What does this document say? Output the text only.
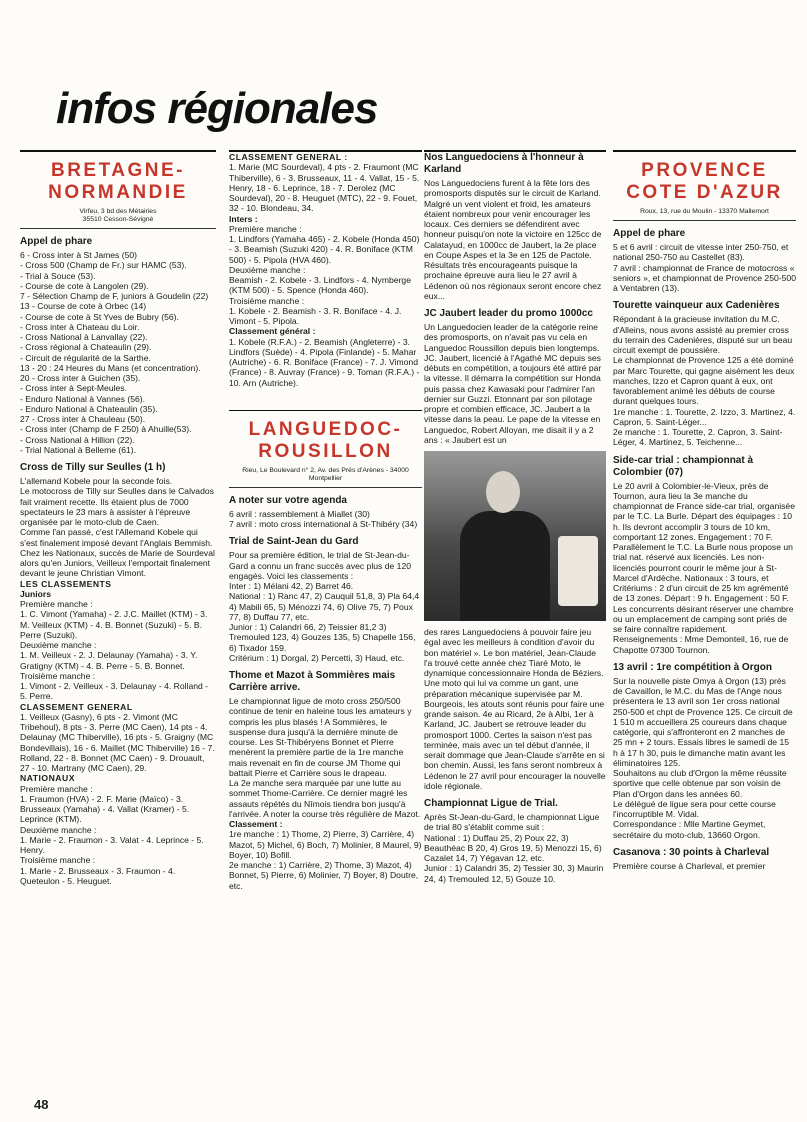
infos régionales
BRETAGNE-
NORMANDIE
Virfeu, 3 bd des Métairies
35510 Cesson-Sévigné
Appel de phare

6 - Cross inter à St James (50)

- Cross 500 (Champ de Fr.) sur HAMC (53).

- Trial à Souce (53).

- Course de cote à Langolen (29).

7 - Sélection Champ de F, juniors à Goudelin (22)

13 - Course de cote à Orbec (14)

- Course de cote à St Yves de Bubry (56).

- Cross inter à Chateau du Loir.

- Cross National à Lanvallay (22).

- Cross régional à Chateaulin (29).

- Circuit de régularité de la Sarthe.

13 - 20 : 24 Heures du Mans (et concentration).

20 - Cross inter à Guichen (35).

- Cross inter à Sept-Meules.

- Enduro National à Vannes (56).

- Enduro National à Chateaulin (35).

27 - Cross inter à Chauleau (50).

- Cross inter (Champ de F 250) à Ahuille(53).

- Cross National à Hillion (22).

- Trial National à Belleme (61).

Cross de Tilly sur Seulles (1 h)

L'allemand Kobele pour la seconde fois.

Le motocross de Tilly sur Seulles dans le Calvados fait vraiment recette. Ils étaient plus de 7000 spectateurs le 23 mars à assister à l'épreuve organisée par le moto-club de Caen.

Comme l'an passé, c'est l'Allemand Kobele qui s'est finalement imposé devant l'Anglais Bemmish.

Chez les Nationaux, succès de Marie de Sourdeval alors qu'en Juniors, Veilleux l'emportait finalement devant le jeune Christian Vimont.

LES CLASSEMENTS
Juniors

Première manche :

1. C. Vimont (Yamaha) - 2. J.C. Maillet (KTM) - 3. M. Veilleux (KTM) - 4. B. Bonnet (Suzuki) - 5. B. Perre (Suzuki).

Deuxième manche :

1. M. Veilleux - 2. J. Delaunay (Yamaha) - 3. Y. Gratigny (KTM) - 4. B. Perre - 5. B. Bonnet.

Troisième manche :

1. Vimont - 2. Veilleux - 3. Delaunay - 4. Rolland - 5. Perre.

CLASSEMENT GENERAL

1. Veilleux (Gasny), 6 pts - 2. Vimont (MC Tribehoul), 8 pts - 3. Perre (MC Caen), 14 pts - 4. Delaunay (MC Thiberville), 16 pts - 5. Graigny (MC Bondevillais), 16 - 6. Maillet (MC Thiberville) 16 - 7. Rolland, 22 - 8. Bonnet (MC Caen) - 9. Drouault, 27 - 10. Martrany (MC Caen), 29.

NATIONAUX

Première manche :

1. Fraumon (HVA) - 2. F. Marie (Maïco) - 3. Brusseaux (Yamaha) - 4. Vallat (Kramer) - 5. Leprince (KTM).

Deuxième manche :

1. Marie - 2. Fraumon - 3. Valat - 4. Leprince - 5. Henry.

Troisième manche :

1. Marie - 2. Brusseaux - 3. Fraumon - 4. Queteulon - 5. Heuguet.

CLASSEMENT GENERAL :

1. Marie (MC Sourdeval), 4 pts - 2. Fraumont (MC Thiberville), 6 - 3. Brusseaux, 11 - 4. Vallat, 15 - 5. Henry, 18 - 6. Leprince, 18 - 7. Derolez (MC Sourdeval), 20 - 8. Heuguet (MTC), 22 - 9. Fouet, 32 - 10. Blondeau, 34.

Inters :

Première manche :

1. Lindfors (Yamaha 465) - 2. Kobele (Honda 450) - 3. Beamish (Suzuki 420) - 4. R. Boniface (KTM 500) - 5. Pipola (HVA 460).

Deuxième manche :

Beamish - 2. Kobele - 3. Lindfors - 4. Nymberge (KTM 500) - 5. Spence (Honda 460).

Troisième manche :

1. Kobele - 2. Beamish - 3. R. Boniface - 4. J. Vimont - 5. Pipola.

Classement général :

1. Kobele (R.F.A.) - 2. Beamish (Angleterre) - 3. Lindfors (Suède) - 4. Pipola (Finlande) - 5. Mahar (Autriche) - 6. R. Boniface (France) - 7. J. Vimond (France) - 8. Auvray (France) - 9. Toman (R.F.A.) - 10. Arn (Autriche).

LANGUEDOC-
ROUSILLON
Rieu, Le Boulevard n° 2, Av. des Prés d'Arènes - 34000 Montpellier
A noter sur votre agenda

6 avril : rassemblement à Miallet (30)

7 avril : moto cross international à St-Thibéry (34)

Trial de Saint-Jean du Gard

Pour sa première édition, le trial de St-Jean-du-Gard a connu un franc succès avec plus de 120 engagés. Voici les classements :

Inter : 1) Mélani 42, 2) Barret 46.

National : 1) Ranc 47, 2) Cauquil 51,8, 3) Pla 64,4 4) Mabili 65, 5) Ménozzi 74, 6) Olive 75, 7) Poux 77, 8) Duffau 77, etc.

Junior : 1) Calandri 66, 2) Teissier 81,2 3) Tremouled 123, 4) Gouzes 135, 5) Chapelle 156, 6) Tixador 159.

Critérium : 1) Dorgal, 2) Percetti, 3) Haud, etc.

Thome et Mazot à Sommières mais Carrière arrive.

Le championnat ligue de moto cross 250/500 continue de tenir en haleine tous les amateurs y compris les plus blasés ! A Sommières, le suspense dura jusqu'à la dernière minute de course. Les St-Thibéryens Bonnet et Pierre menèrent la première partie de la 1re manche mais revenait en fin de course JM Thome qui battait Pierre et Carrière sous le drapeau.

La 2e manche sera marquée par une lutte au sommet Thome-Carrière. Ce dernier magré les assauts répétés du Nîmois tiendra bon jusqu'à l'arrivée. A noter la course très régulière de Mazot.

Classement :

1re manche : 1) Thome, 2) Pierre, 3) Carrière, 4) Mazot, 5) Michel, 6) Boch, 7) Molinier, 8 Maurel, 9) Boyer, 10) Bofill.

2e manche : 1) Carrière, 2) Thome, 3) Mazot, 4) Bonnet, 5) Pierre, 6) Molinier, 7) Boyer, 8) Doutre, etc.

Nos Languedociens à l'honneur à Karland

Nos Languedociens furent à la fête lors des promosports disputés sur le circuit de Karland. Malgré un vent violent et froid, les amateurs étaient nombreux pour venir encourager les locaux. Ces derniers se défendirent avec honneur puisqu'on note la victoire en 125cc de Calatayud, en 1000cc de Jaubert, la 2e place en Coupe Aspes et la 3e en 125 de Pactole. Résultats très encourageants puisque la prochaine épreuve aura lieu le 27 avril à Lédenon où nos régionaux seront encore chez eux...

JC Jaubert leader du promo 1000cc

Un Languedocien leader de la catégorie reine des promosports, on n'avait pas vu cela en Languedoc Roussillon depuis bien longtemps. JC. Jaubert, licencié à l'Agathé MC depuis ses débuts en compétition, a toujours été attiré par la vitesse. Il démarra la compétition sur Honda puis passa chez Kawasaki pour l'admirer l'an dernier sur Guzzi. Etonnant par son pilotage propre et combien efficace, JC. Jaubert a la vitesse dans la peau. Le pape de la vitesse en Languedoc, Robert Alloyan, me disait il y a 2 ans : « Jaubert est un

des rares Languedociens à pouvoir faire jeu égal avec les meilleurs à condition d'avoir du bon matériel ». Le bon matériel, Jean-Claude l'a trouvé cette année chez Tiaré Moto, le dynamique concessionnaire Honda de Béziers. Une moto qui lui va comme un gant, une préparation mécanique supervisée par M. Bourgeois, les atouts sont réunis pour faire une grande saison. 4e au Ricard, 2e à Albi, 1er à Karland, JC. Jaubert se retrouve leader du promosport 1000. Certes la saison n'est pas terminée, mais avec un tel début d'année, il serait dommage que Jean-Claude s'arrête en si bon chemin. Aussi, les fans seront nombreux à Lédenon le 27 avril pour encourager la nouvelle idole régionale.

Championnat Ligue de Trial.

Après St-Jean-du-Gard, le championnat Ligue de trial 80 s'établit comme suit :

National : 1) Duffau 25, 2) Poux 22, 3) Beauthéac B 20, 4) Gros 19, 5) Menozzi 15, 6) Cazalet 14, 7) Yégavan 12, etc.

Junior : 1) Calandri 35, 2) Tessier 30, 3) Maurin 24, 4) Tremouled 12, 5) Gouze 10.

PROVENCE
COTE D'AZUR
Roux, 13, rue du Moulin - 13370 Mallemort
Appel de phare

5 et 6 avril : circuit de vitesse inter 250-750, et national 250-750 au Castellet (83).

7 avril : championnat de France de motocross « seniors », et championnat de Provence 250-500 à Ventabren (13).

Tourette vainqueur aux Cadenières

Répondant à la gracieuse invitation du M.C. d'Alleins, nous avons assisté au premier cross du terrain des Cadenières, disputé sur un beau circuit exempt de poussière.

Le championnat de Provence 125 a été dominé par Marc Tourette, qui gagne aisément les deux manches, Izzo et Capron quant à eux, ont favorablement animé les débuts de course durant quelques tours.

1re manche : 1. Tourette, 2. Izzo, 3. Martinez, 4. Capron, 5. Saint-Léger...

2e manche : 1. Tourette, 2. Capron, 3. Saint-Léger, 4. Martinez, 5. Teichenne...

Side-car trial : championnat à Colombier (07)

Le 20 avril à Colombier-le-Vieux, près de Tournon, aura lieu la 3e manche du championnat de France side-car trial, organisée par le T.C. La Burle. Départ des équipages : 10 h. Ils devront accomplir 3 tours de 10 km, comportant 12 zones. Engagement : 70 F.

Parallèlement le T.C. La Burle nous propose un trial nat. réservé aux licenciés. Les non-licenciés pourront courir le même jour à St-Marcel d'Ardèche. Nationaux : 3 tours, et Critériums : 2 d'un circuit de 25 km agrémenté de 13 zones. Départ : 9 h. Engagement : 50 F. Les concurrents désirant réserver une chambre ou un emplacement de camping sont priés de se faire connaître rapidement.

Renseignements : Mme Demonteil, 16, rue de Chapotte 07300 Tournon.

13 avril : 1re compétition à Orgon

Sur la nouvelle piste Omya à Orgon (13) près de Cavaillon, le M.C. du Mas de l'Ange nous présentera le 13 avril son 1er cross national 250-500 et chpt de Provence 125. Ce circuit de 1 510 m accueillera 25 coureurs dans chaque catégorie, qui s'affronteront en 2 manches de 25 mn + 2 tours. Essais libres le samedi de 15 h à 17 h 30, puis le dimanche matin avant les éliminatoires 125.

Souhaitons au club d'Orgon la même réussite sportive que celle obtenue par son voisin de Plan d'Orgon dans les années 60.

Le délégué de ligue sera pour cette course l'incorruptible M. Vidal.

Correspondance : Mlle Martine Geymet, secrétaire du moto-club, 13660 Orgon.

Casanova : 30 points à Charleval

Première course à Charleval, et premier

48
